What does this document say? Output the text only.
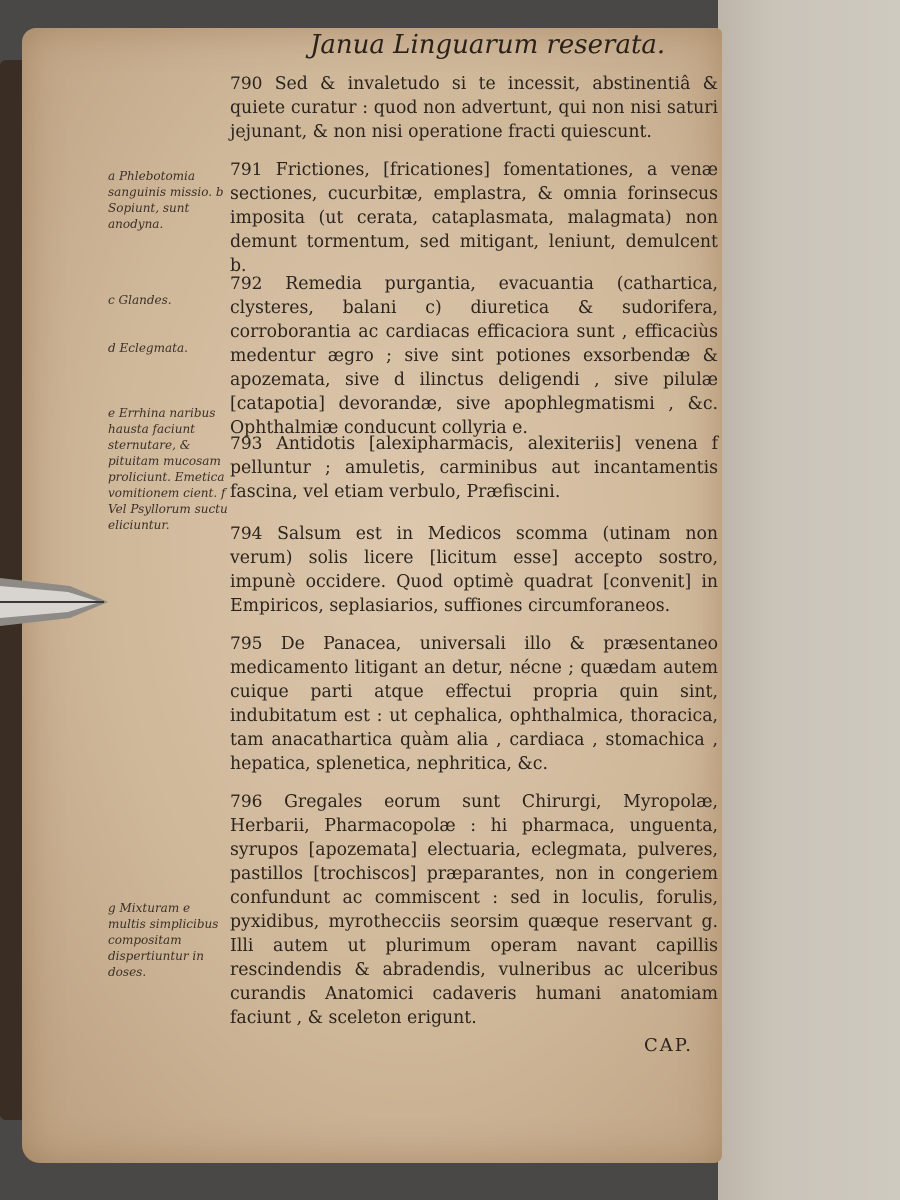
Janua Linguarum reserata.
790 Sed & invaletudo si te incessit, abstinentiâ & quiete curatur : quod non advertunt, qui non nisi saturi jejunant, & non nisi operatione fracti quiescunt.
791 Frictiones, [fricationes] fomentationes, a venæ sectiones, cucurbitæ, emplastra, & omnia forinsecus imposita (ut cerata, cataplasmata, malagmata) non demunt tormentum, sed mitigant, leniunt, demulcent b.
792 Remedia purgantia, evacuantia (cathartica, clysteres, balani c) diuretica & sudorifera, corroborantia ac cardiacas efficaciora sunt , efficaciùs medentur ægro ; sive sint potiones exsorbendæ & apozemata, sive d ilinctus deligendi , sive pilulæ [catapotia] devorandæ, sive apophlegmatismi , &c. Ophthalmiæ conducunt collyria e.
793 Antidotis [alexipharmacis, alexiteriis] venena f pelluntur ; amuletis, carminibus aut incantamentis fascina, vel etiam verbulo, Præfiscini.
794 Salsum est in Medicos scomma (utinam non verum) solis licere [licitum esse] accepto sostro, impunè occidere. Quod optimè quadrat [convenit] in Empiricos, seplasiarios, suffiones circumforaneos.
795 De Panacea, universali illo & præsentaneo medicamento litigant an detur, nécne ; quædam autem cuique parti atque effectui propria quin sint, indubitatum est : ut cephalica, ophthalmica, thoracica, tam anacathartica quàm alia , cardiaca , stomachica , hepatica, splenetica, nephritica, &c.
796 Gregales eorum sunt Chirurgi, Myropolæ, Herbarii, Pharmacopolæ : hi pharmaca, unguenta, syrupos [apozemata] electuaria, eclegmata, pulveres, pastillos [trochiscos] præparantes, non in congeriem confundunt ac commiscent : sed in loculis, forulis, pyxidibus, myrothecciis seorsim quæque reservant g. Illi autem ut plurimum operam navant capillis rescindendis & abradendis, vulneribus ac ulceribus curandis Anatomici cadaveris humani anatomiam faciunt , & sceleton erigunt.
a Phlebotomia sanguinis missio. b Sopiunt, sunt anodyna.
c Glandes.
d Eclegmata.
e Errhina naribus hausta faciunt sternutare, & pituitam mucosam proliciunt. Emetica vomitionem cient. f Vel Psyllorum suctu eliciuntur.
g Mixturam e multis simplicibus compositam dispertiuntur in doses.
CAP.
